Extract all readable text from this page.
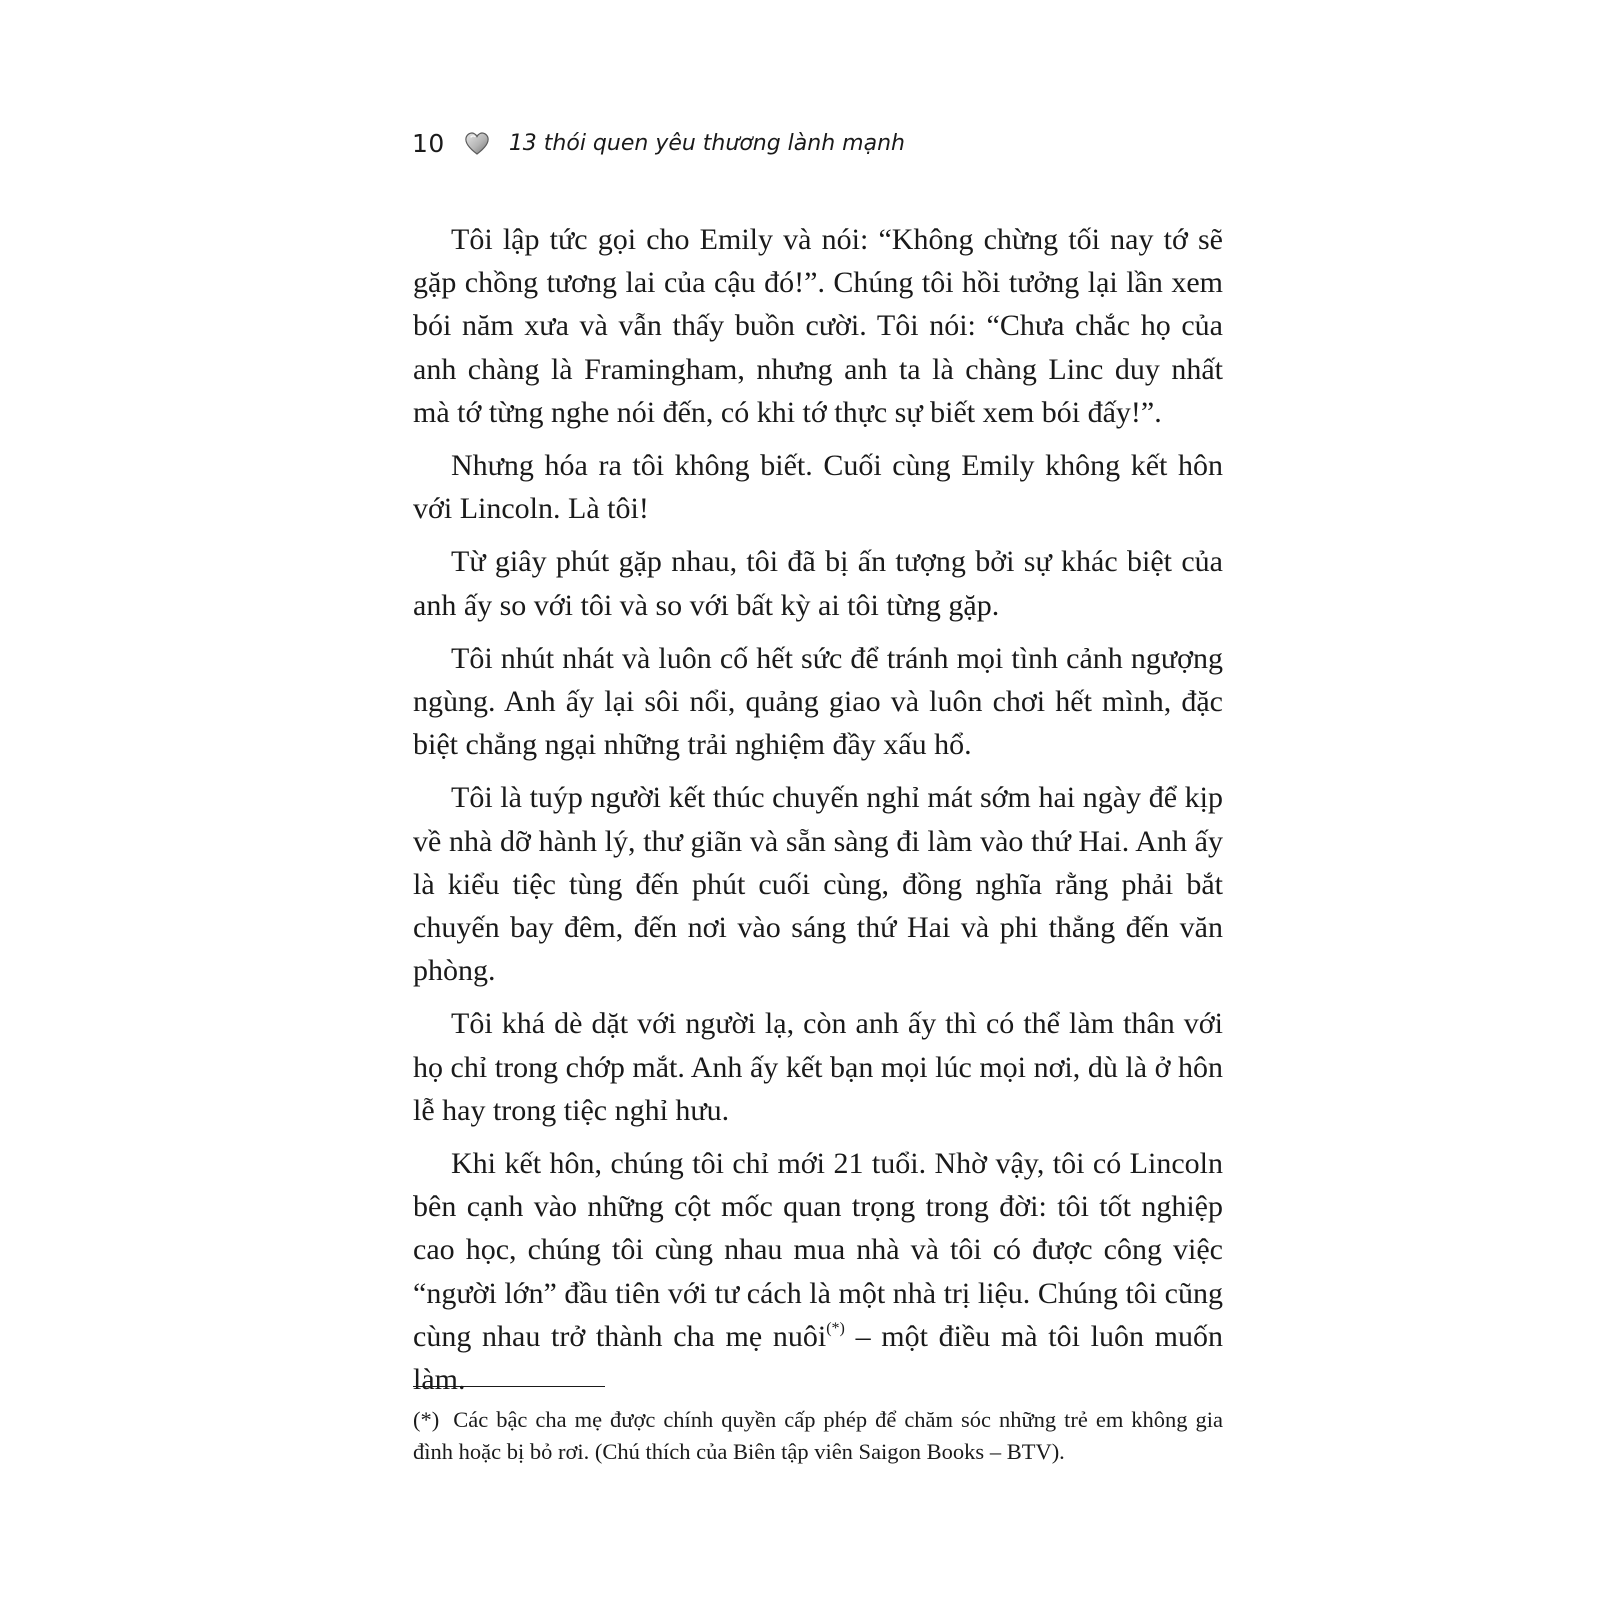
10	13 thói quen yêu thương lành mạnh

Tôi lập tức gọi cho Emily và nói: “Không chừng tối nay tớ sẽ gặp chồng tương lai của cậu đó!”. Chúng tôi hồi tưởng lại lần xem bói năm xưa và vẫn thấy buồn cười. Tôi nói: “Chưa chắc họ của anh chàng là Framingham, nhưng anh ta là chàng Linc duy nhất mà tớ từng nghe nói đến, có khi tớ thực sự biết xem bói đấy!”.

Nhưng hóa ra tôi không biết. Cuối cùng Emily không kết hôn với Lincoln. Là tôi!

Từ giây phút gặp nhau, tôi đã bị ấn tượng bởi sự khác biệt của anh ấy so với tôi và so với bất kỳ ai tôi từng gặp.

Tôi nhút nhát và luôn cố hết sức để tránh mọi tình cảnh ngượng ngùng. Anh ấy lại sôi nổi, quảng giao và luôn chơi hết mình, đặc biệt chẳng ngại những trải nghiệm đầy xấu hổ.

Tôi là tuýp người kết thúc chuyến nghỉ mát sớm hai ngày để kịp về nhà dỡ hành lý, thư giãn và sẵn sàng đi làm vào thứ Hai. Anh ấy là kiểu tiệc tùng đến phút cuối cùng, đồng nghĩa rằng phải bắt chuyến bay đêm, đến nơi vào sáng thứ Hai và phi thẳng đến văn phòng.

Tôi khá dè dặt với người lạ, còn anh ấy thì có thể làm thân với họ chỉ trong chớp mắt. Anh ấy kết bạn mọi lúc mọi nơi, dù là ở hôn lễ hay trong tiệc nghỉ hưu.

Khi kết hôn, chúng tôi chỉ mới 21 tuổi. Nhờ vậy, tôi có Lincoln bên cạnh vào những cột mốc quan trọng trong đời: tôi tốt nghiệp cao học, chúng tôi cùng nhau mua nhà và tôi có được công việc “người lớn” đầu tiên với tư cách là một nhà trị liệu. Chúng tôi cũng cùng nhau trở thành cha mẹ nuôi(*) – một điều mà tôi luôn muốn làm.

(*) Các bậc cha mẹ được chính quyền cấp phép để chăm sóc những trẻ em không gia đình hoặc bị bỏ rơi. (Chú thích của Biên tập viên Saigon Books – BTV).
